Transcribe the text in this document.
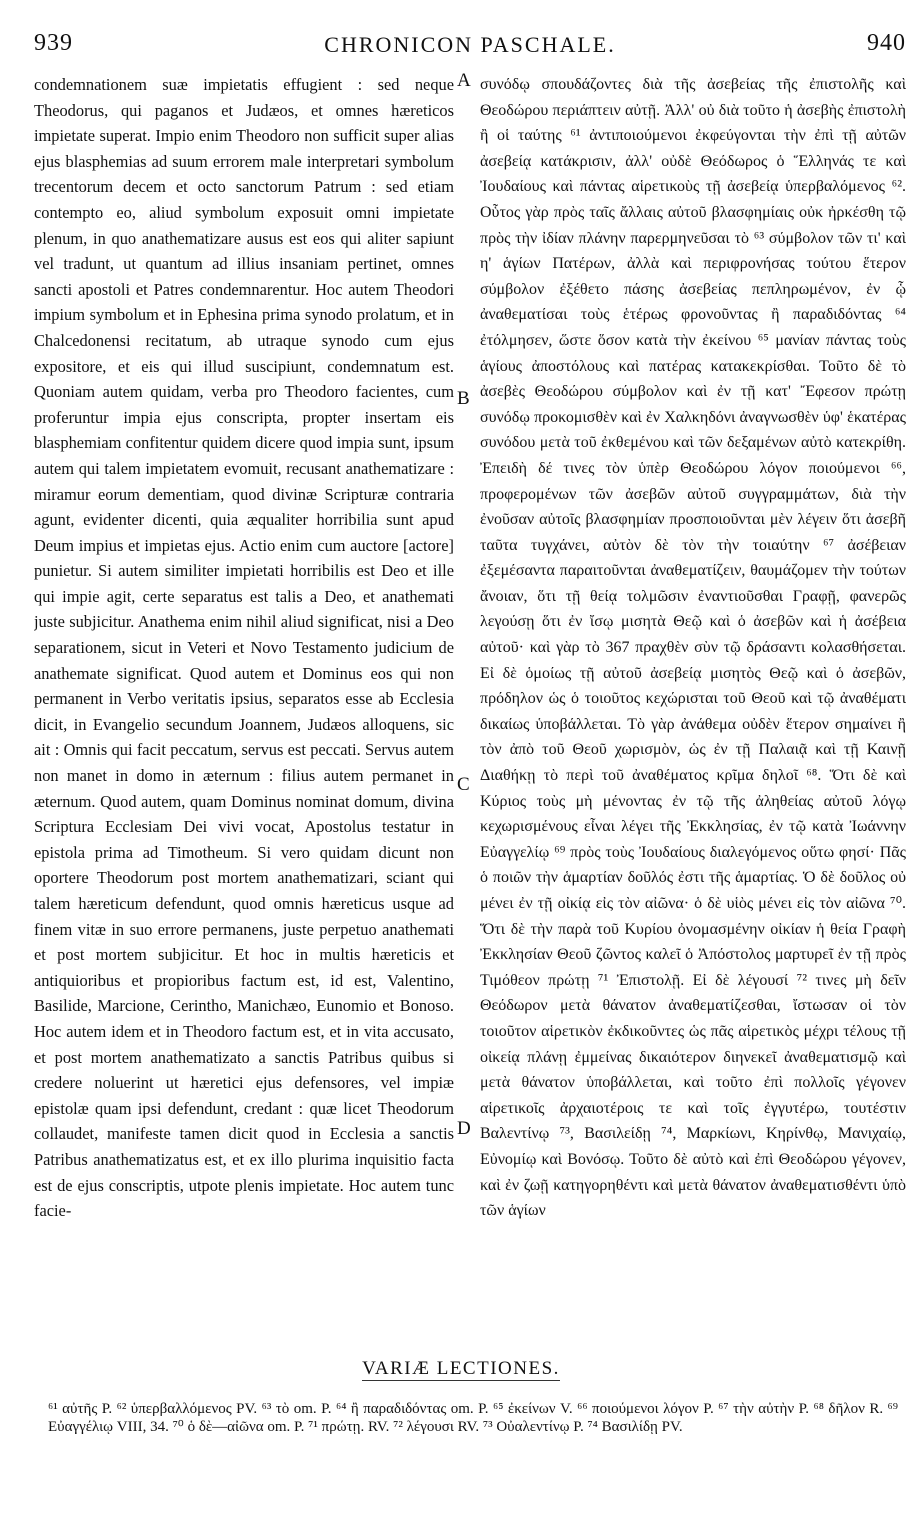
939	CHRONICON PASCHALE.	940

condemnationem suæ impietatis effugient : sed neque Theodorus, qui paganos et Judæos, et omnes hæreticos impietate superat. Impio enim Theodoro non sufficit super alias ejus blasphemias ad suum errorem male interpretari symbolum trecentorum decem et octo sanctorum Patrum : sed etiam contempto eo, aliud symbolum exposuit omni impietate plenum, in quo anathematizare ausus est eos qui aliter sapiunt vel tradunt, ut quantum ad illius insaniam pertinet, omnes sancti apostoli et Patres condemnarentur. Hoc autem Theodori impium symbolum et in Ephesina prima synodo prolatum, et in Chalcedonensi recitatum, ab utraque synodo cum ejus expositore, et eis qui illud suscipiunt, condemnatum est. Quoniam autem quidam, verba pro Theodoro facientes, cum proferuntur impia ejus conscripta, propter insertam eis blasphemiam confitentur quidem dicere quod impia sunt, ipsum autem qui talem impietatem evomuit, recusant anathematizare : miramur eorum dementiam, quod divinæ Scripturæ contraria agunt, evidenter dicenti, quia æqualiter horribilia sunt apud Deum impius et impietas ejus. Actio enim cum auctore [actore] punietur. Si autem similiter impietati horribilis est Deo et ille qui impie agit, certe separatus est talis a Deo, et anathemati juste subjicitur. Anathema enim nihil aliud significat, nisi a Deo separationem, sicut in Veteri et Novo Testamento judicium de anathemate significat. Quod autem et Dominus eos qui non permanent in Verbo veritatis ipsius, separatos esse ab Ecclesia dicit, in Evangelio secundum Joannem, Judæos alloquens, sic ait : Omnis qui facit peccatum, servus est peccati. Servus autem non manet in domo in æternum : filius autem permanet in æternum. Quod autem, quam Dominus nominat domum, divina Scriptura Ecclesiam Dei vivi vocat, Apostolus testatur in epistola prima ad Timotheum. Si vero quidam dicunt non oportere Theodorum post mortem anathematizari, sciant qui talem hæreticum defendunt, quod omnis hæreticus usque ad finem vitæ in suo errore permanens, juste perpetuo anathemati et post mortem subjicitur. Et hoc in multis hæreticis et antiquioribus et propioribus factum est, id est, Valentino, Basilide, Marcione, Cerintho, Manichæo, Eunomio et Bonoso. Hoc autem idem et in Theodoro factum est, et in vita accusato, et post mortem anathematizato a sanctis Patribus quibus si credere noluerint ut hæretici ejus defensores, vel impiæ epistolæ quam ipsi defendunt, credant : quæ licet Theodorum collaudet, manifeste tamen dicit quod in Ecclesia a sanctis Patribus anathematizatus est, et ex illo plurima inquisitio facta est de ejus conscriptis, utpote plenis impietate. Hoc autem tunc facie-

A
B
C
D

συνόδῳ σπουδάζοντες διὰ τῆς ἀσεβείας τῆς ἐπιστολῆς καὶ Θεοδώρου περιάπτειν αὐτῇ. Ἀλλ' οὐ διὰ τοῦτο ἡ ἀσεβὴς ἐπιστολὴ ἢ οἱ ταύτης ⁶¹ ἀντιποιούμενοι ἐκφεύγονται τὴν ἐπὶ τῇ αὐτῶν ἀσεβείᾳ κατάκρισιν, ἀλλ' οὐδὲ Θεόδωρος ὁ Ἕλληνάς τε καὶ Ἰουδαίους καὶ πάντας αἱρετικοὺς τῇ ἀσεβείᾳ ὑπερβαλόμενος ⁶². Οὗτος γὰρ πρὸς ταῖς ἄλλαις αὐτοῦ βλασφημίαις οὐκ ἠρκέσθη τῷ πρὸς τὴν ἰδίαν πλάνην παρερμηνεῦσαι τὸ ⁶³ σύμβολον τῶν τι' καὶ η' ἁγίων Πατέρων, ἀλλὰ καὶ περιφρονήσας τούτου ἕτερον σύμβολον ἐξέθετο πάσης ἀσεβείας πεπληρωμένον, ἐν ᾧ ἀναθεματίσαι τοὺς ἑτέρως φρονοῦντας ἢ παραδιδόντας ⁶⁴ ἐτόλμησεν, ὥστε ὅσον κατὰ τὴν ἐκείνου ⁶⁵ μανίαν πάντας τοὺς ἁγίους ἀποστόλους καὶ πατέρας κατακεκρίσθαι. Τοῦτο δὲ τὸ ἀσεβὲς Θεοδώρου σύμβολον καὶ ἐν τῇ κατ' Ἔφεσον πρώτῃ συνόδῳ προκομισθὲν καὶ ἐν Χαλκηδόνι ἀναγνωσθὲν ὑφ' ἑκατέρας συνόδου μετὰ τοῦ ἐκθεμένου καὶ τῶν δεξαμένων αὐτὸ κατεκρίθη. Ἐπειδὴ δέ τινες τὸν ὑπὲρ Θεοδώρου λόγον ποιούμενοι ⁶⁶, προφερομένων τῶν ἀσεβῶν αὐτοῦ συγγραμμάτων, διὰ τὴν ἐνοῦσαν αὐτοῖς βλασφημίαν προσποιοῦνται μὲν λέγειν ὅτι ἀσεβῆ ταῦτα τυγχάνει, αὐτὸν δὲ τὸν τὴν τοιαύτην ⁶⁷ ἀσέβειαν ἐξεμέσαντα παραιτοῦνται ἀναθεματίζειν, θαυμάζομεν τὴν τούτων ἄνοιαν, ὅτι τῇ θείᾳ τολμῶσιν ἐναντιοῦσθαι Γραφῇ, φανερῶς λεγούσῃ ὅτι ἐν ἴσῳ μισητὰ Θεῷ καὶ ὁ ἀσεβῶν καὶ ἡ ἀσέβεια αὐτοῦ· καὶ γὰρ τὸ 367 πραχθὲν σὺν τῷ δράσαντι κολασθήσεται. Εἰ δὲ ὁμοίως τῇ αὐτοῦ ἀσεβείᾳ μισητὸς Θεῷ καὶ ὁ ἀσεβῶν, πρόδηλον ὡς ὁ τοιοῦτος κεχώρισται τοῦ Θεοῦ καὶ τῷ ἀναθέματι δικαίως ὑποβάλλεται. Τὸ γὰρ ἀνάθεμα οὐδὲν ἕτερον σημαίνει ἢ τὸν ἀπὸ τοῦ Θεοῦ χωρισμὸν, ὡς ἐν τῇ Παλαιᾷ καὶ τῇ Καινῇ Διαθήκῃ τὸ περὶ τοῦ ἀναθέματος κρῖμα δηλοῖ ⁶⁸. Ὅτι δὲ καὶ Κύριος τοὺς μὴ μένοντας ἐν τῷ τῆς ἀληθείας αὐτοῦ λόγῳ κεχωρισμένους εἶναι λέγει τῆς Ἐκκλησίας, ἐν τῷ κατὰ Ἰωάννην Εὐαγγελίῳ ⁶⁹ πρὸς τοὺς Ἰουδαίους διαλεγόμενος οὕτω φησί· Πᾶς ὁ ποιῶν τὴν ἁμαρτίαν δοῦλός ἐστι τῆς ἁμαρτίας. Ὁ δὲ δοῦλος οὐ μένει ἐν τῇ οἰκίᾳ εἰς τὸν αἰῶνα· ὁ δὲ υἱὸς μένει εἰς τὸν αἰῶνα ⁷⁰. Ὅτι δὲ τὴν παρὰ τοῦ Κυρίου ὀνομασμένην οἰκίαν ἡ θεία Γραφὴ Ἐκκλησίαν Θεοῦ ζῶντος καλεῖ ὁ Ἀπόστολος μαρτυρεῖ ἐν τῇ πρὸς Τιμόθεον πρώτῃ ⁷¹ Ἐπιστολῇ. Εἰ δὲ λέγουσί ⁷² τινες μὴ δεῖν Θεόδωρον μετὰ θάνατον ἀναθεματίζεσθαι, ἴστωσαν οἱ τὸν τοιοῦτον αἱρετικὸν ἐκδικοῦντες ὡς πᾶς αἱρετικὸς μέχρι τέλους τῇ οἰκείᾳ πλάνῃ ἐμμείνας δικαιότερον διηνεκεῖ ἀναθεματισμῷ καὶ μετὰ θάνατον ὑποβάλλεται, καὶ τοῦτο ἐπὶ πολλοῖς γέγονεν αἱρετικοῖς ἀρχαιοτέροις τε καὶ τοῖς ἐγγυτέρω, τουτέστιν Βαλεντίνῳ ⁷³, Βασιλείδῃ ⁷⁴, Μαρκίωνι, Κηρίνθῳ, Μανιχαίῳ, Εὐνομίῳ καὶ Βονόσῳ. Τοῦτο δὲ αὐτὸ καὶ ἐπὶ Θεοδώρου γέγονεν, καὶ ἐν ζωῇ κατηγορηθέντι καὶ μετὰ θάνατον ἀναθεματισθέντι ὑπὸ τῶν ἁγίων

VARIÆ LECTIONES.

⁶¹ αὐτῆς P. ⁶² ὑπερβαλλόμενος PV. ⁶³ τὸ om. P. ⁶⁴ ἢ παραδιδόντας om. P. ⁶⁵ ἐκείνων V. ⁶⁶ ποιούμενοι λόγον P. ⁶⁷ τὴν αὐτὴν P. ⁶⁸ δῆλον R. ⁶⁹ Εὐαγγέλιῳ VIII, 34. ⁷⁰ ὁ δὲ—αἰῶνα om. P. ⁷¹ πρώτῃ. RV. ⁷² λέγουσι RV. ⁷³ Οὐαλεντίνῳ P. ⁷⁴ Βασιλίδῃ PV.
